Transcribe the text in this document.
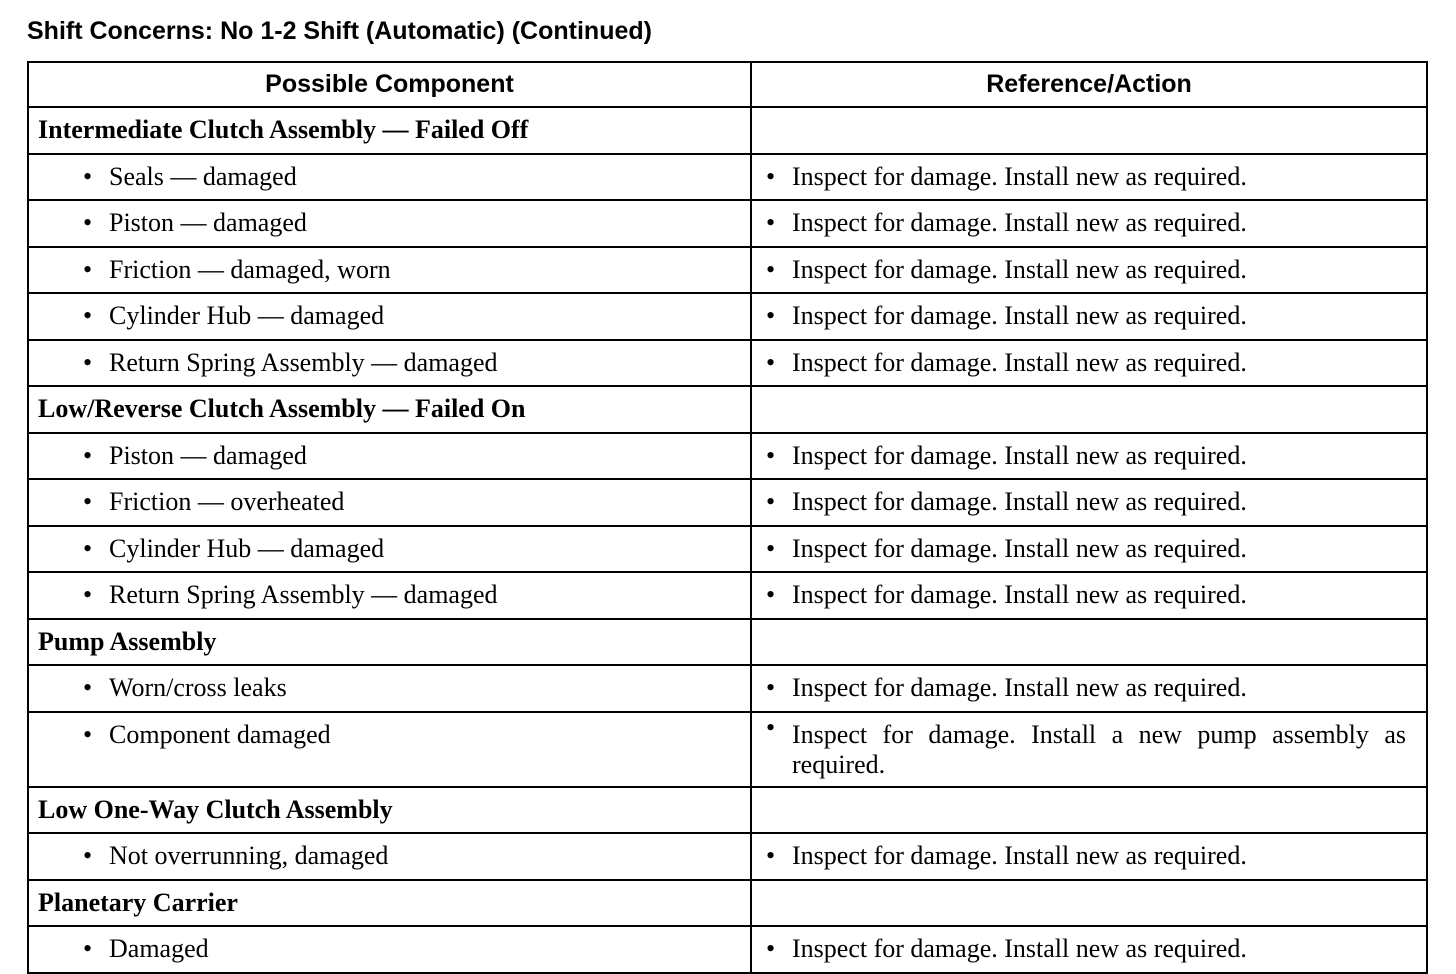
Shift Concerns: No 1-2 Shift (Automatic) (Continued)
Possible Component	Reference/Action

Intermediate Clutch Assembly — Failed Off	

• Seals — damaged	• Inspect for damage. Install new as required.

• Piston — damaged	• Inspect for damage. Install new as required.

• Friction — damaged, worn	• Inspect for damage. Install new as required.

• Cylinder Hub — damaged	• Inspect for damage. Install new as required.

• Return Spring Assembly — damaged	• Inspect for damage. Install new as required.

Low/Reverse Clutch Assembly — Failed On	

• Piston — damaged	• Inspect for damage. Install new as required.

• Friction — overheated	• Inspect for damage. Install new as required.

• Cylinder Hub — damaged	• Inspect for damage. Install new as required.

• Return Spring Assembly — damaged	• Inspect for damage. Install new as required.

Pump Assembly	

• Worn/cross leaks	• Inspect for damage. Install new as required.

• Component damaged	• Inspect for damage. Install a new pump assembly as required.

Low One-Way Clutch Assembly	

• Not overrunning, damaged	• Inspect for damage. Install new as required.

Planetary Carrier	

• Damaged	• Inspect for damage. Install new as required.
